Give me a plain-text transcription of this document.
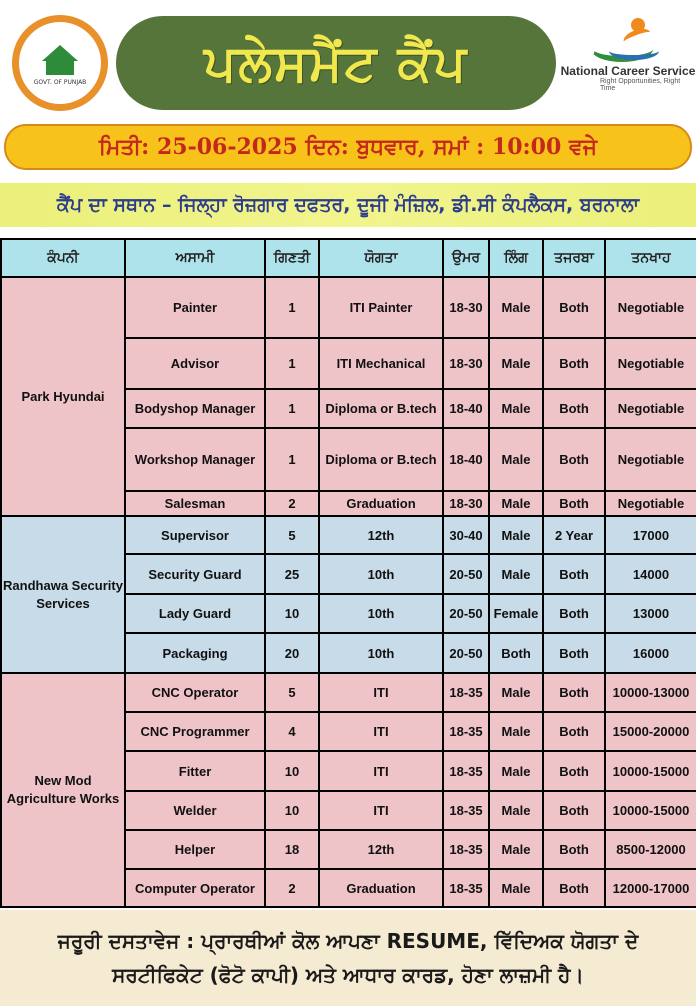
GOVT. OF PUNJAB ਪਲੇਸਮੈਂਟ ਕੈਂਪ	National Career Service
Right Opportunities, Right Time
ਮਿਤੀ: 25-06-2025 ਦਿਨ: ਬੁਧਵਾਰ, ਸਮਾਂ : 10:00 ਵਜੇ
ਕੈਂਪ ਦਾ ਸਥਾਨ – ਜਿਲ੍ਹਾ ਰੋਜ਼ਗਾਰ ਦਫਤਰ, ਦੂਜੀ ਮੰਜ਼ਿਲ, ਡੀ.ਸੀ ਕੰਪਲੈਕਸ, ਬਰਨਾਲਾ
ਕੰਪਨੀ	ਅਸਾਮੀ	ਗਿਣਤੀ	ਯੋਗਤਾ	ਉਮਰ	ਲਿੰਗ	ਤਜਰਬਾ	ਤਨਖਾਹ
Park Hyundai	Painter	1	ITI Painter	18-30	Male	Both	Negotiable
	Advisor	1	ITI Mechanical	18-30	Male	Both	Negotiable
	Bodyshop Manager	1	Diploma or B.tech	18-40	Male	Both	Negotiable
	Workshop Manager	1	Diploma or B.tech	18-40	Male	Both	Negotiable
	Salesman	2	Graduation	18-30	Male	Both	Negotiable
Randhawa Security Services	Supervisor	5	12th	30-40	Male	2 Year	17000
	Security Guard	25	10th	20-50	Male	Both	14000
	Lady Guard	10	10th	20-50	Female	Both	13000
	Packaging	20	10th	20-50	Both	Both	16000
New Mod Agriculture Works	CNC Operator	5	ITI	18-35	Male	Both	10000-13000
	CNC Programmer	4	ITI	18-35	Male	Both	15000-20000
	Fitter	10	ITI	18-35	Male	Both	10000-15000
	Welder	10	ITI	18-35	Male	Both	10000-15000
	Helper	18	12th	18-35	Male	Both	8500-12000
	Computer Operator	2	Graduation	18-35	Male	Both	12000-17000
ਜਰੂਰੀ ਦਸਤਾਵੇਜ : ਪ੍ਰਾਰਥੀਆਂ ਕੋਲ ਆਪਣਾ RESUME, ਵਿੱਦਿਅਕ ਯੋਗਤਾ ਦੇ
ਸਰਟੀਫਿਕੇਟ (ਫੋਟੋ ਕਾਪੀ) ਅਤੇ ਆਧਾਰ ਕਾਰਡ, ਹੋਣਾ ਲਾਜ਼ਮੀ ਹੈ।
